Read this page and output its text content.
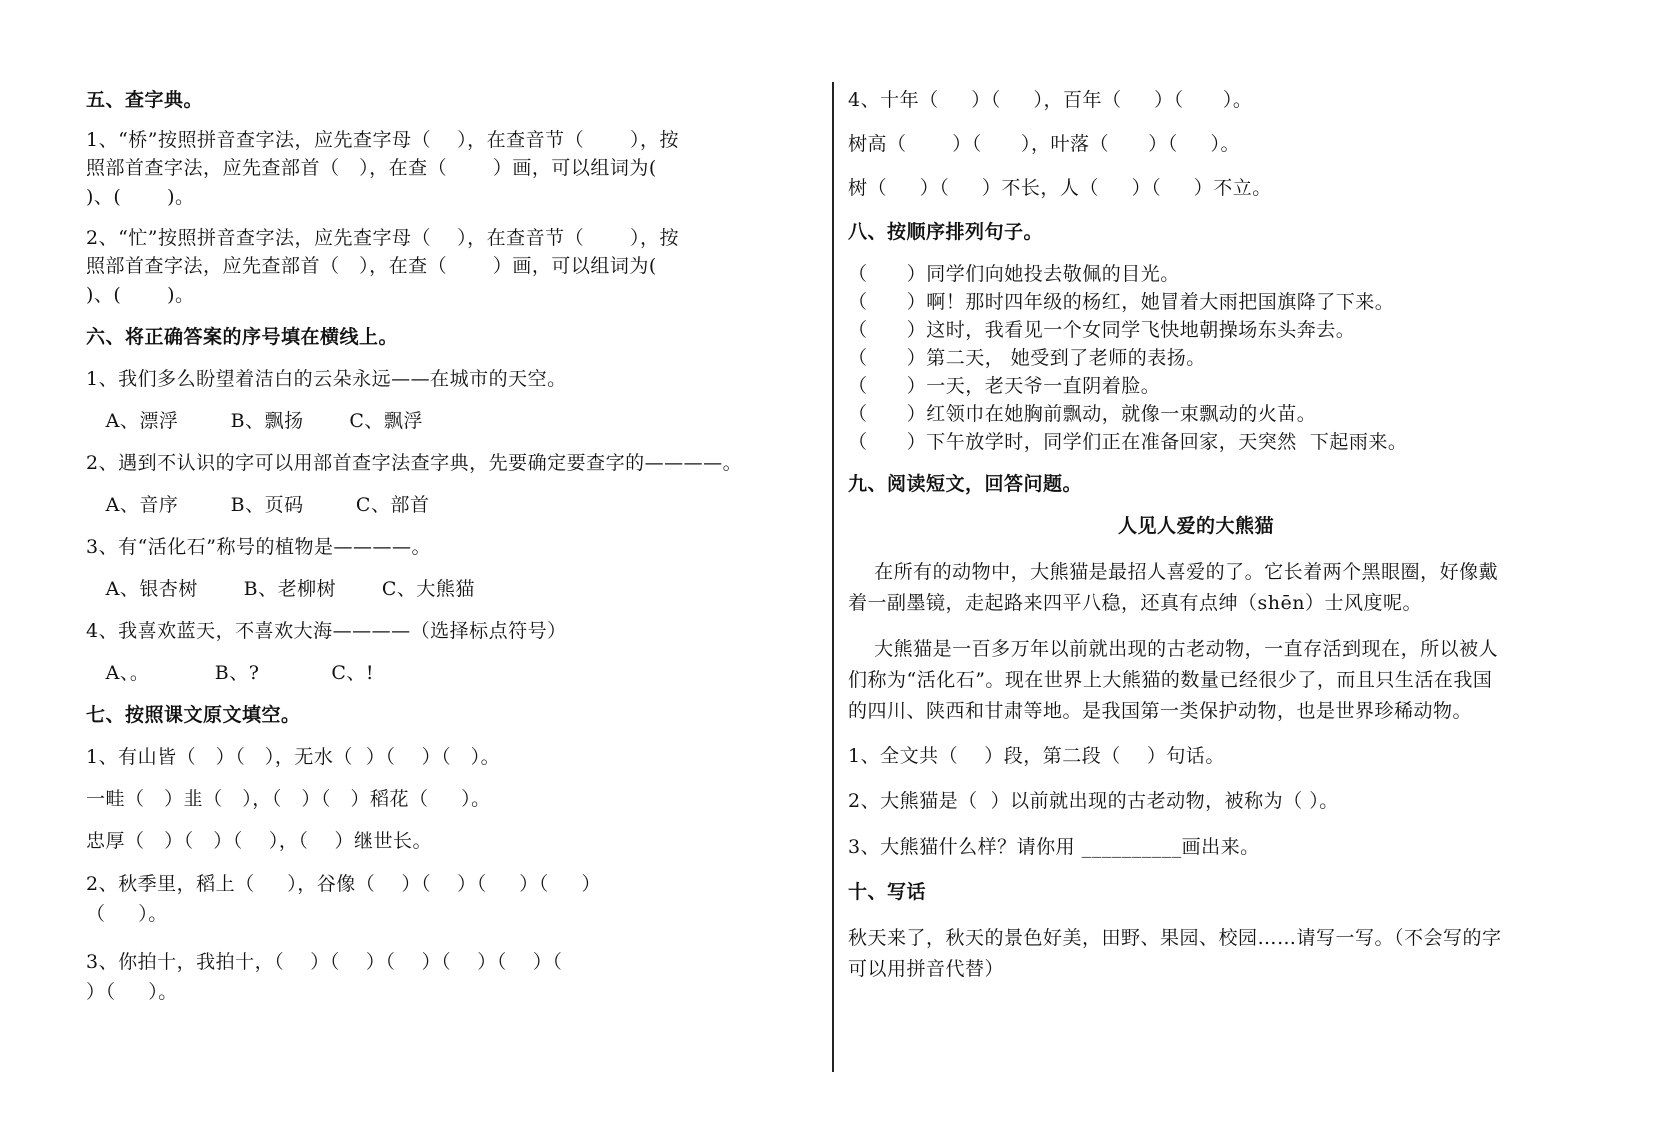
五、查字典。
1、“桥”按照拼音查字法，应先查字母（    ），在查音节（       ），按
照部首查字法，应先查部首（   ），在查（       ）画，可以组词为(
)、(       )。
2、“忙”按照拼音查字法，应先查字母（    ），在查音节（       ），按
照部首查字法，应先查部首（   ），在查（       ）画，可以组词为(
)、(       )。
六、将正确答案的序号填在横线上。
1、我们多么盼望着洁白的云朵永远——在城市的天空。
A、漂浮        B、飘扬       C、飘浮
2、遇到不认识的字可以用部首查字法查字典，先要确定要查字的————。
A、音序        B、页码        C、部首
3、有“活化石”称号的植物是————。
A、银杏树       B、老柳树       C、大熊猫
4、我喜欢蓝天，不喜欢大海————（选择标点符号）
A、。          B、?           C、!
七、按照课文原文填空。
1、有山皆（   ）（   ），无水（  ）（    ）（   ）。
一畦（   ）韭（   ），（   ）（   ）稻花（     ）。
忠厚（   ）（   ）（    ），（    ）继世长。
2、秋季里，稻上（     ），谷像（    ）（    ）（     ）（     ）
（     ）。
3、你拍十，我拍十，（    ）（    ）（    ）（    ）（    ）（
）（     ）。
4、十年（     ）（     ），百年（     ）（      ）。
树高（       ）（      ），叶落（      ）（     ）。
树（     ）（     ）不长，人（     ）（     ）不立。
八、按顺序排列句子。
（      ）同学们向她投去敬佩的目光。
（      ）啊！那时四年级的杨红，她冒着大雨把国旗降了下来。
（      ）这时，我看见一个女同学飞快地朝操场东头奔去。
（      ）第二天， 她受到了老师的表扬。
（      ）一天，老天爷一直阴着脸。
（      ）红领巾在她胸前飘动，就像一束飘动的火苗。
（      ）下午放学时，同学们正在准备回家，天突然  下起雨来。
九、阅读短文，回答问题。
人见人爱的大熊猫
在所有的动物中，大熊猫是最招人喜爱的了。它长着两个黑眼圈，好像戴
着一副墨镜，走起路来四平八稳，还真有点绅（shēn）士风度呢。
大熊猫是一百多万年以前就出现的古老动物，一直存活到现在，所以被人
们称为“活化石”。现在世界上大熊猫的数量已经很少了，而且只生活在我国
的四川、陕西和甘肃等地。是我国第一类保护动物，也是世界珍稀动物。
1、全文共（    ）段，第二段（    ）句话。
2、大熊猫是（  ）以前就出现的古老动物，被称为（ ）。
3、大熊猫什么样？请你用 __________画出来。
十、写话
秋天来了，秋天的景色好美，田野、果园、校园……请写一写。（不会写的字
可以用拼音代替）
